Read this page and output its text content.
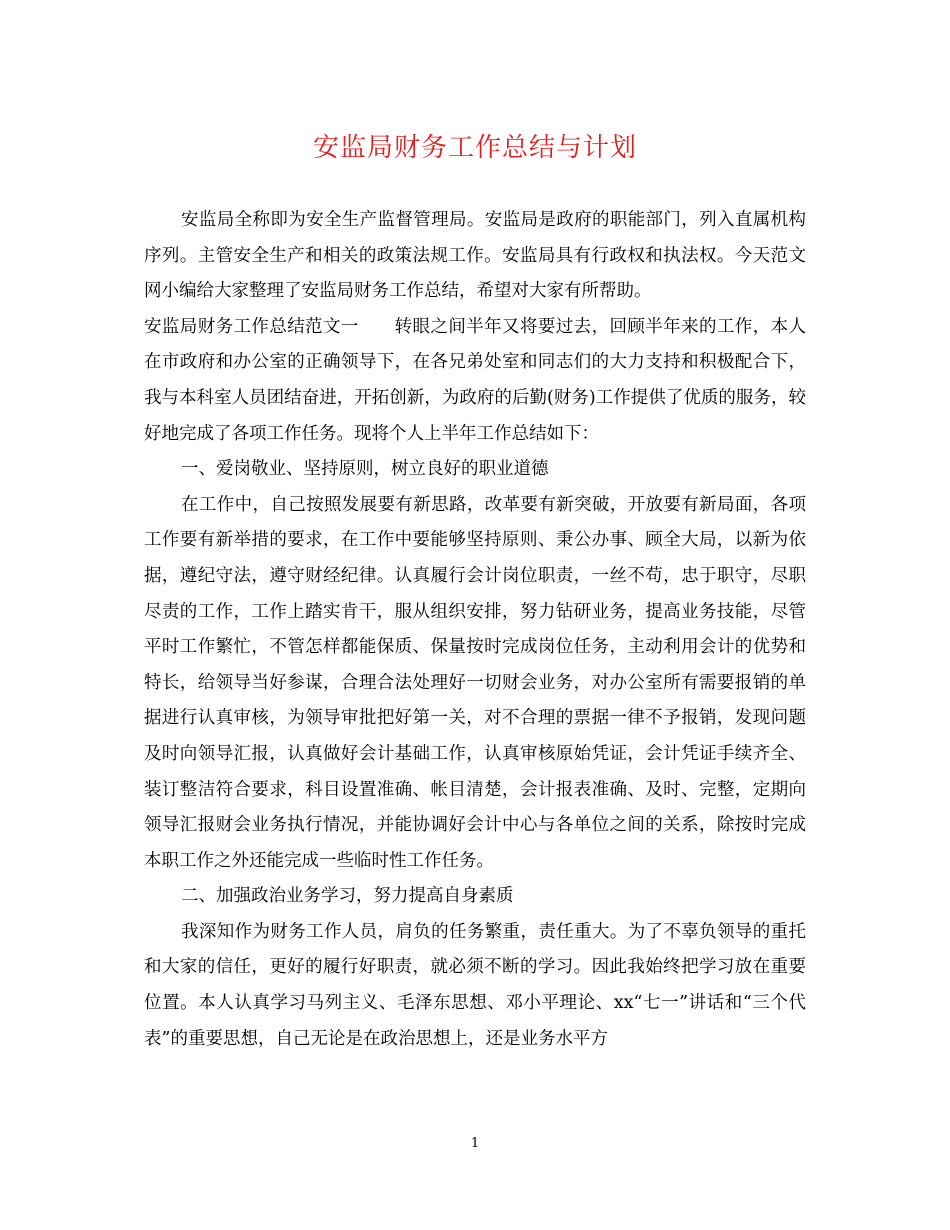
安监局财务工作总结与计划

安监局全称即为安全生产监督管理局。安监局是政府的职能部门，列入直属机构序列。主管安全生产和相关的政策法规工作。安监局具有行政权和执法权。今天范文网小编给大家整理了安监局财务工作总结，希望对大家有所帮助。

安监局财务工作总结范文一　　转眼之间半年又将要过去，回顾半年来的工作，本人在市政府和办公室的正确领导下，在各兄弟处室和同志们的大力支持和积极配合下，我与本科室人员团结奋进，开拓创新，为政府的后勤(财务)工作提供了优质的服务，较好地完成了各项工作任务。现将个人上半年工作总结如下：

一、爱岗敬业、坚持原则，树立良好的职业道德

在工作中，自己按照发展要有新思路，改革要有新突破，开放要有新局面，各项工作要有新举措的要求，在工作中要能够坚持原则、秉公办事、顾全大局，以新为依据，遵纪守法，遵守财经纪律。认真履行会计岗位职责，一丝不苟，忠于职守，尽职尽责的工作，工作上踏实肯干，服从组织安排，努力钻研业务，提高业务技能，尽管平时工作繁忙，不管怎样都能保质、保量按时完成岗位任务，主动利用会计的优势和特长，给领导当好参谋，合理合法处理好一切财会业务，对办公室所有需要报销的单据进行认真审核，为领导审批把好第一关，对不合理的票据一律不予报销，发现问题及时向领导汇报，认真做好会计基础工作，认真审核原始凭证，会计凭证手续齐全、装订整洁符合要求，科目设置准确、帐目清楚，会计报表准确、及时、完整，定期向领导汇报财会业务执行情况，并能协调好会计中心与各单位之间的关系，除按时完成本职工作之外还能完成一些临时性工作任务。

二、加强政治业务学习，努力提高自身素质

我深知作为财务工作人员，肩负的任务繁重，责任重大。为了不辜负领导的重托和大家的信任，更好的履行好职责，就必须不断的学习。因此我始终把学习放在重要位置。本人认真学习马列主义、毛泽东思想、邓小平理论、xx“七一”讲话和“三个代表”的重要思想，自己无论是在政治思想上，还是业务水平方

1
